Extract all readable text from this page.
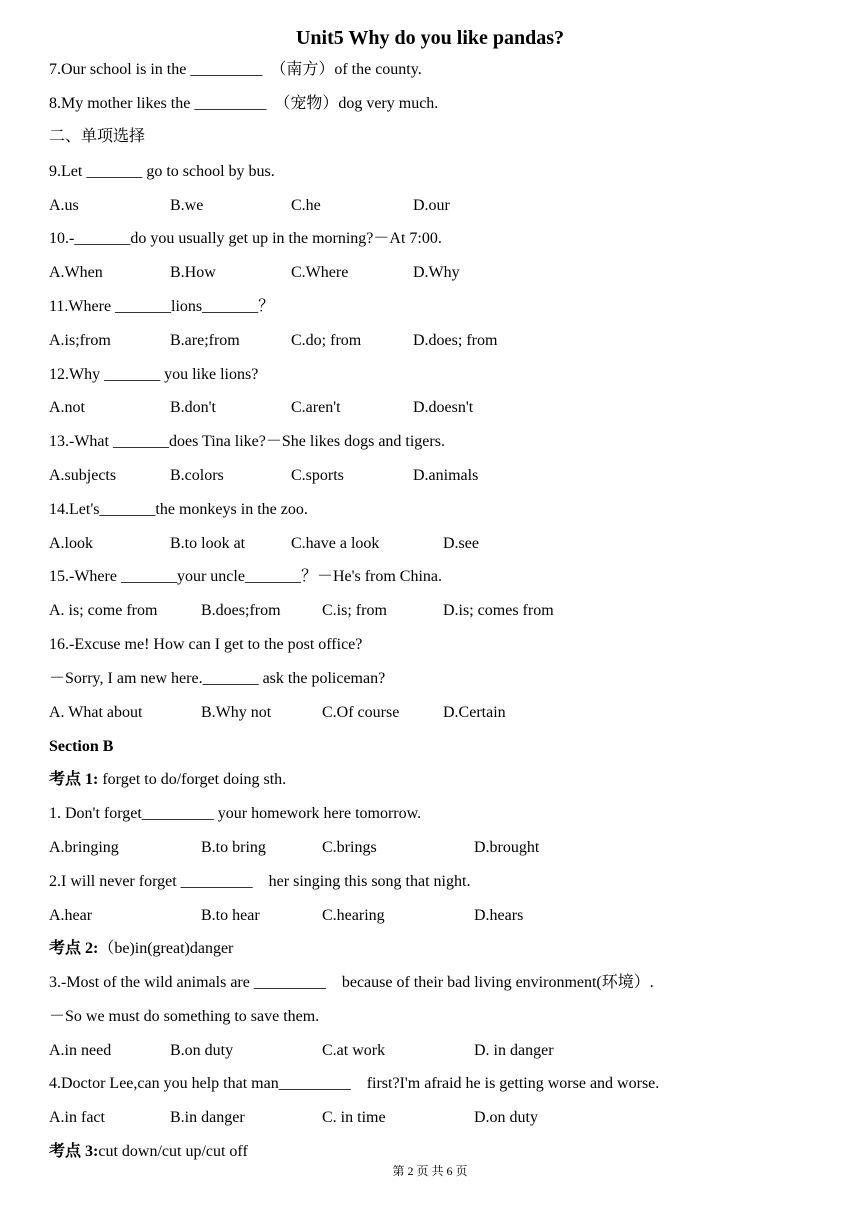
Unit5 Why do you like pandas?
7.Our school is in the _________  （南方）of the county.
8.My mother likes the _________  （宠物）dog very much.
二、单项选择
9.Let _______ go to school by bus.
A.us	B.we	C.he	D.our
10.-_______do you usually get up in the morning?－At 7:00.
A.When	B.How	C.Where	D.Why
11.Where _______lions_______？
A.is;from	B.are;from	C.do; from	D.does; from
12.Why _______ you like lions?
A.not	B.don't	C.aren't	D.doesn't
13.-What _______does Tina like?－She likes dogs and tigers.
A.subjects	B.colors	C.sports	D.animals
14.Let's_______the monkeys in the zoo.
A.look	B.to look at	C.have a look	D.see
15.-Where _______your uncle_______？－He's from China.
A. is; come from	B.does;from	C.is; from	D.is; comes from
16.-Excuse me! How can I get to the post office?
－Sorry, I am new here._______ ask the policeman?
A. What about	B.Why not	C.Of course	D.Certain
Section B
考点 1: forget to do/forget doing sth.
1. Don't forget_________ your homework here tomorrow.
A.bringing	B.to bring	C.brings	D.brought
2.I will never forget _________    her singing this song that night.
A.hear	B.to hear	C.hearing	D.hears
考点 2:（be)in(great)danger
3.-Most of the wild animals are _________    because of their bad living environment(环境）.
－So we must do something to save them.
A.in need	B.on duty	C.at work	D. in danger
4.Doctor Lee,can you help that man_________    first?I'm afraid he is getting worse and worse.
A.in fact	B.in danger	C. in time	D.on duty
考点 3:cut down/cut up/cut off
第 2 页 共 6 页
